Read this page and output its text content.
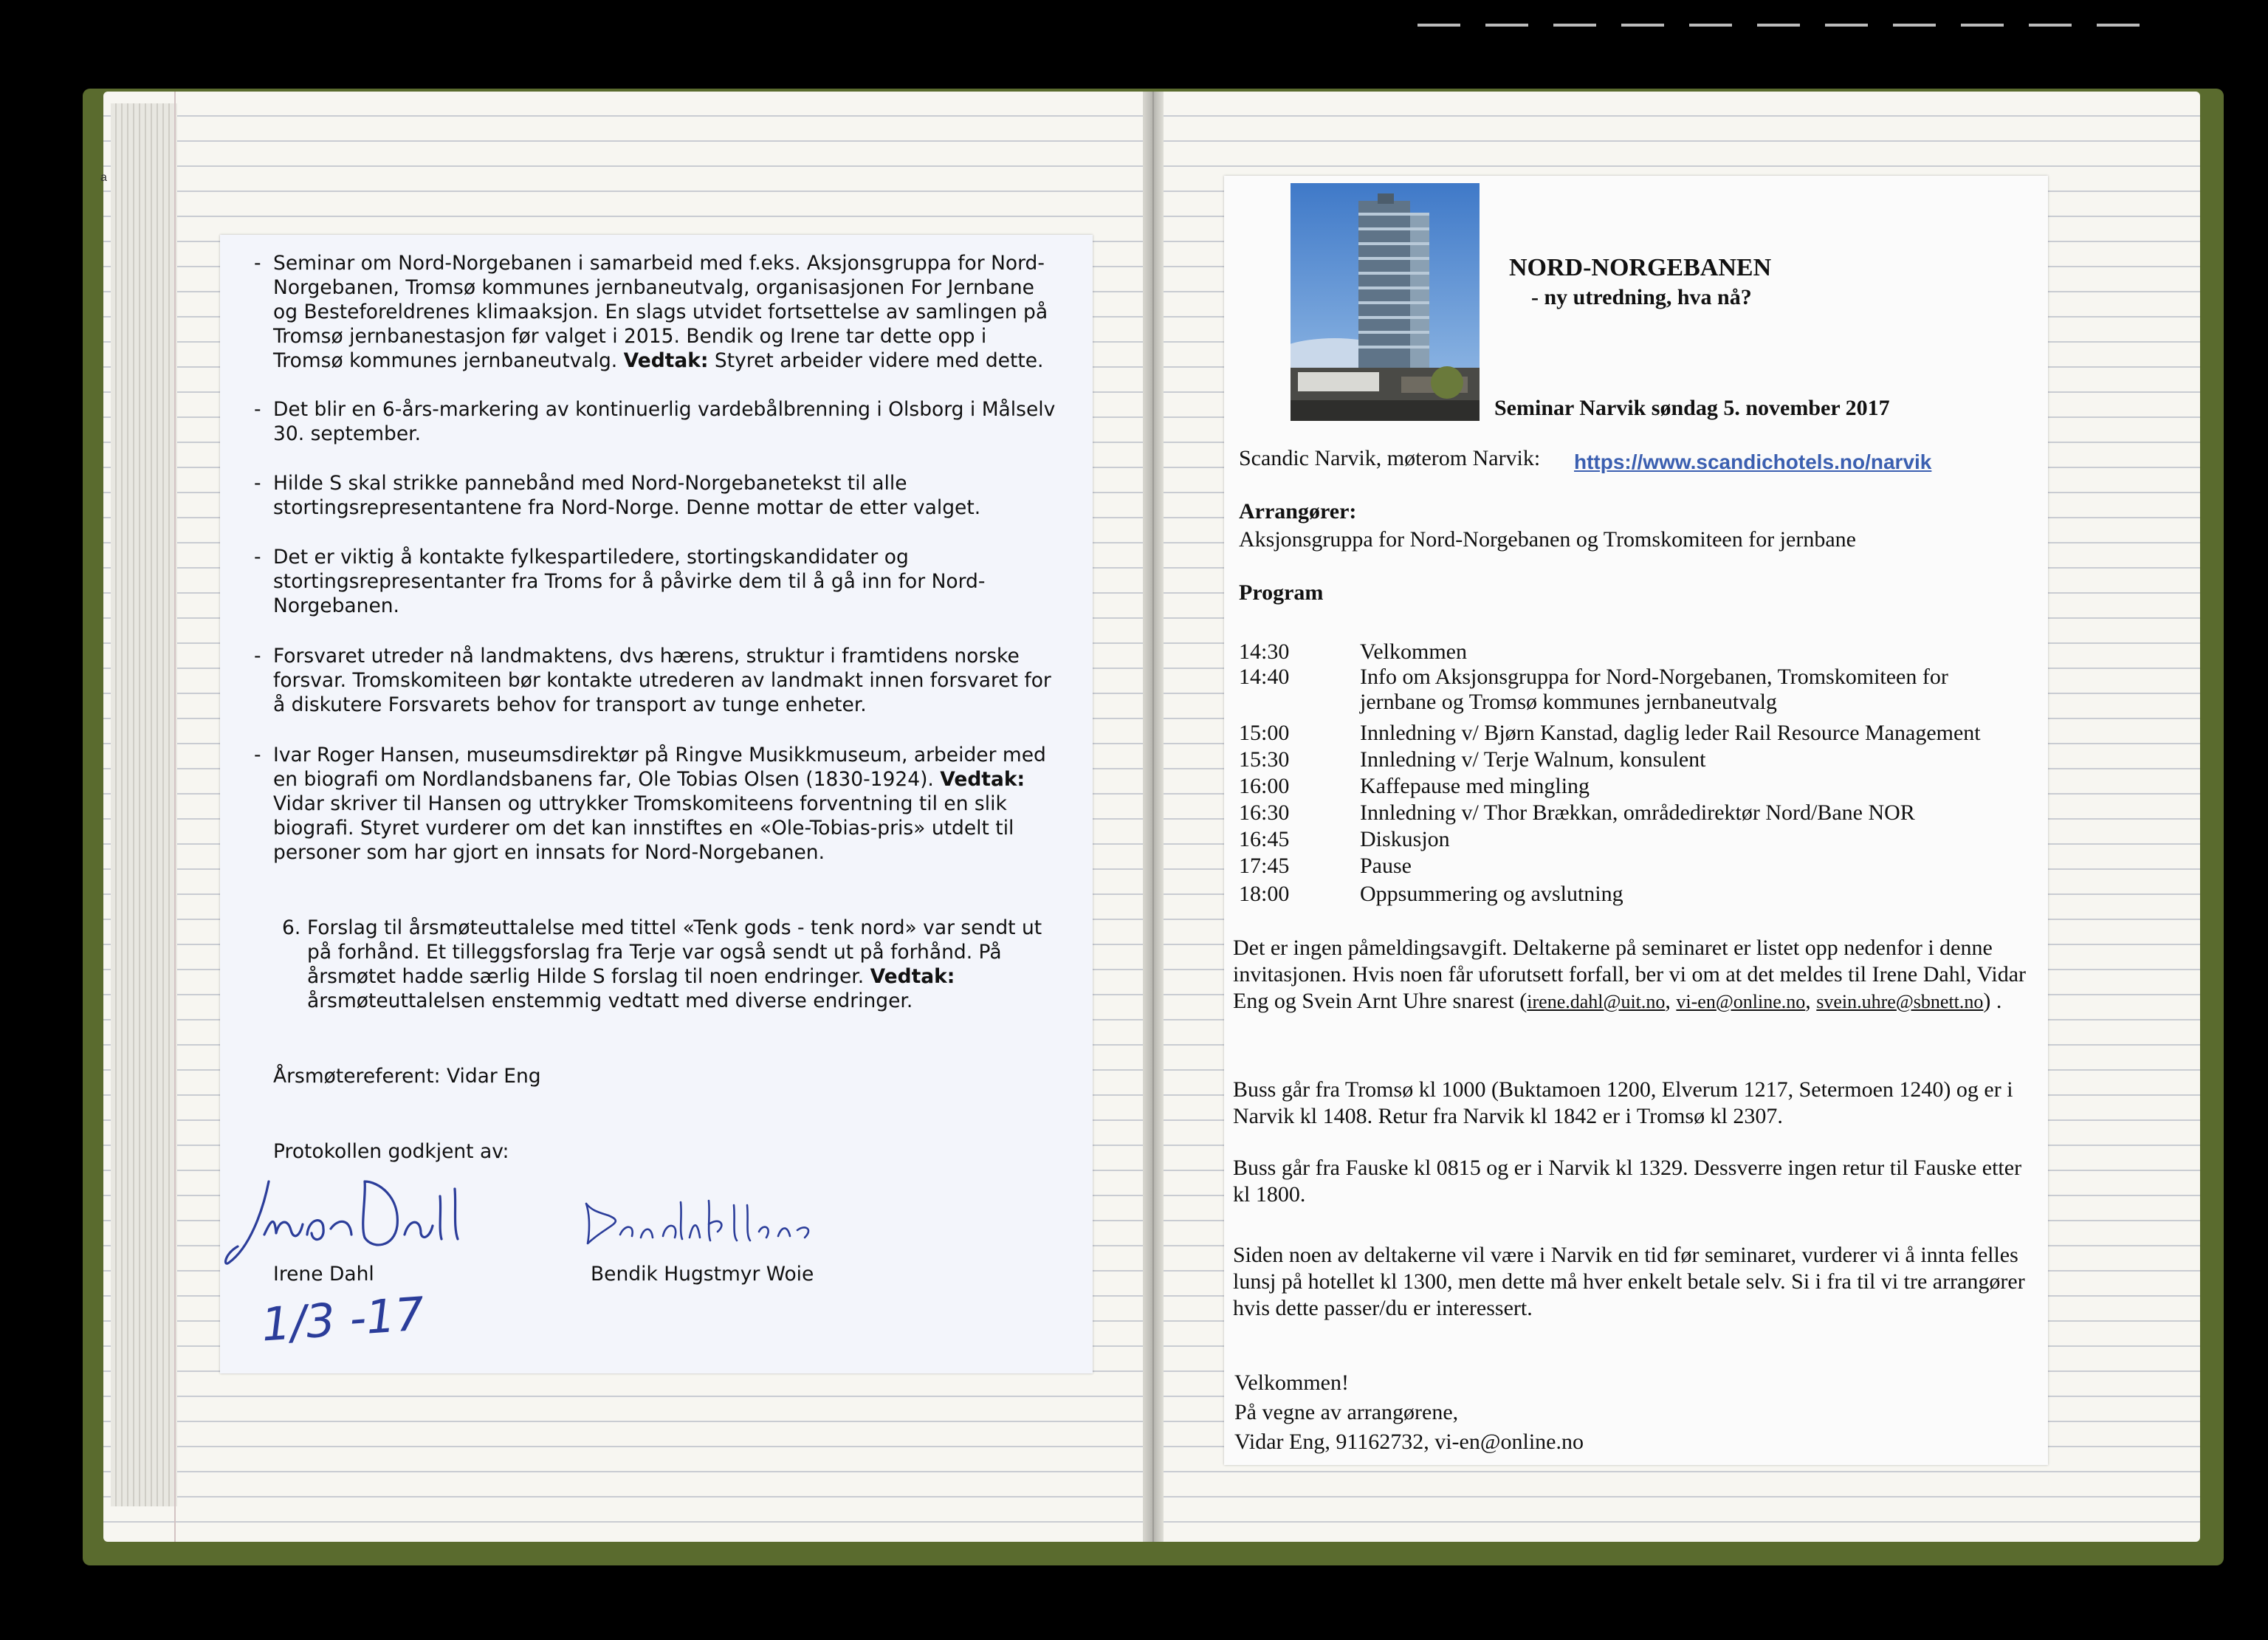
a
- Seminar om Nord-Norgebanen i samarbeid med f.eks. Aksjonsgruppa for Nord-Norgebanen, Tromsø kommunes jernbaneutvalg, organisasjonen For Jernbane og Besteforeldrenes klimaaksjon. En slags utvidet fortsettelse av samlingen på Tromsø jernbanestasjon før valget i 2015. Bendik og Irene tar dette opp i Tromsø kommunes jernbaneutvalg. Vedtak: Styret arbeider videre med dette.
- Det blir en 6-års-markering av kontinuerlig vardebålbrenning i Olsborg i Målselv 30. september.
- Hilde S skal strikke pannebånd med Nord-Norgebanetekst til alle stortingsrepresentantene fra Nord-Norge. Denne mottar de etter valget.
- Det er viktig å kontakte fylkespartiledere, stortingskandidater og stortingsrepresentanter fra Troms for å påvirke dem til å gå inn for Nord-Norgebanen.
- Forsvaret utreder nå landmaktens, dvs hærens, struktur i framtidens norske forsvar. Tromskomiteen bør kontakte utrederen av landmakt innen forsvaret for å diskutere Forsvarets behov for transport av tunge enheter.
- Ivar Roger Hansen, museumsdirektør på Ringve Musikkmuseum, arbeider med en biografi om Nordlandsbanens far, Ole Tobias Olsen (1830-1924). Vedtak: Vidar skriver til Hansen og uttrykker Tromskomiteens forventning til en slik biografi. Styret vurderer om det kan innstiftes en «Ole-Tobias-pris» utdelt til personer som har gjort en innsats for Nord-Norgebanen.
6. Forslag til årsmøteuttalelse med tittel «Tenk gods - tenk nord» var sendt ut på forhånd. Et tilleggsforslag fra Terje var også sendt ut på forhånd. På årsmøtet hadde særlig Hilde S forslag til noen endringer. Vedtak: årsmøteuttalelsen enstemmig vedtatt med diverse endringer.
Årsmøtereferent: Vidar Eng
Protokollen godkjent av:
Irene Dahl	Bendik Hugstmyr Woie
1/3 -17
NORD-NORGEBANEN
- ny utredning, hva nå?
Seminar Narvik søndag 5. november 2017
Scandic Narvik, møterom Narvik: https://www.scandichotels.no/narvik
Arrangører:
Aksjonsgruppa for Nord-Norgebanen og Tromskomiteen for jernbane
Program
14:30	Velkommen
14:40	Info om Aksjonsgruppa for Nord-Norgebanen, Tromskomiteen for jernbane og Tromsø kommunes jernbaneutvalg
15:00	Innledning v/ Bjørn Kanstad, daglig leder Rail Resource Management
15:30	Innledning v/ Terje Walnum, konsulent
16:00	Kaffepause med mingling
16:30	Innledning v/ Thor Brækkan, områdedirektør Nord/Bane NOR
16:45	Diskusjon
17:45	Pause
18:00	Oppsummering og avslutning
Det er ingen påmeldingsavgift. Deltakerne på seminaret er listet opp nedenfor i denne invitasjonen. Hvis noen får uforutsett forfall, ber vi om at det meldes til Irene Dahl, Vidar Eng og Svein Arnt Uhre snarest (irene.dahl@uit.no, vi-en@online.no, svein.uhre@sbnett.no) .
Buss går fra Tromsø kl 1000 (Buktamoen 1200, Elverum 1217, Setermoen 1240) og er i Narvik kl 1408. Retur fra Narvik kl 1842 er i Tromsø kl 2307.
Buss går fra Fauske kl 0815 og er i Narvik kl 1329. Dessverre ingen retur til Fauske etter kl 1800.
Siden noen av deltakerne vil være i Narvik en tid før seminaret, vurderer vi å innta felles lunsj på hotellet kl 1300, men dette må hver enkelt betale selv. Si i fra til vi tre arrangører hvis dette passer/du er interessert.
Velkommen!
På vegne av arrangørene,
Vidar Eng, 91162732, vi-en@online.no
